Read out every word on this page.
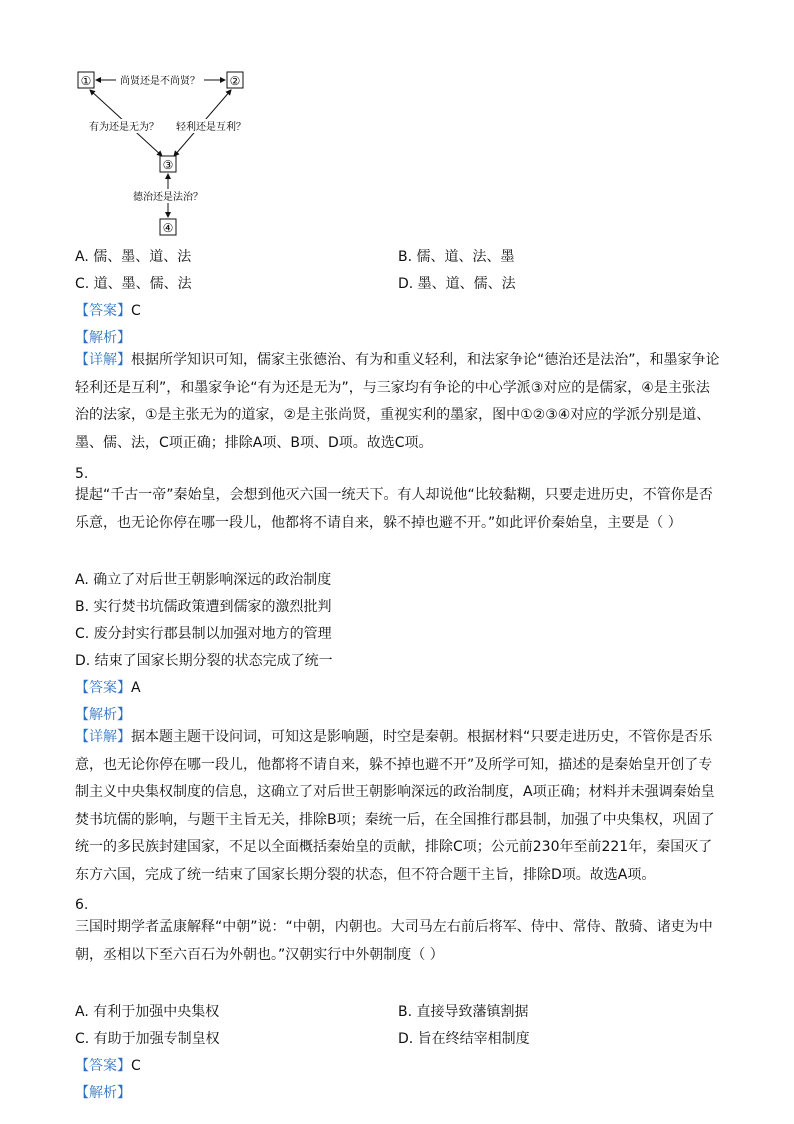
①	②
③
④
尚贤还是不尚贤？
有为还是无为？ 轻利还是互利？
德治还是法治？
A. 儒、墨、道、法	B. 儒、道、法、墨
C. 道、墨、儒、法	D. 墨、道、儒、法
【答案】C
【解析】
【详解】根据所学知识可知，儒家主张德治、有为和重义轻利，和法家争论“德治还是法治”，和墨家争论轻利还是互利”，和墨家争论“有为还是无为”，与三家均有争论的中心学派③对应的是儒家，④是主张法治的法家，①是主张无为的道家，②是主张尚贤，重视实利的墨家，图中①②③④对应的学派分别是道、墨、儒、法，C项正确；排除A项、B项、D项。故选C项。
5.
提起“千古一帝”秦始皇，会想到他灭六国一统天下。有人却说他“比较黏糊，只要走进历史，不管你是否乐意，也无论你停在哪一段儿，他都将不请自来，躲不掉也避不开。”如此评价秦始皇，主要是（ ）
A. 确立了对后世王朝影响深远的政治制度
B. 实行焚书坑儒政策遭到儒家的激烈批判
C. 废分封实行郡县制以加强对地方的管理
D. 结束了国家长期分裂的状态完成了统一
【答案】A
【解析】
【详解】据本题主题干设问词，可知这是影响题，时空是秦朝。根据材料“只要走进历史，不管你是否乐意，也无论你停在哪一段儿，他都将不请自来，躲不掉也避不开”及所学可知，描述的是秦始皇开创了专制主义中央集权制度的信息，这确立了对后世王朝影响深远的政治制度，A项正确；材料并未强调秦始皇焚书坑儒的影响，与题干主旨无关，排除B项；秦统一后，在全国推行郡县制，加强了中央集权，巩固了统一的多民族封建国家，不足以全面概括秦始皇的贡献，排除C项；公元前230年至前221年，秦国灭了东方六国，完成了统一结束了国家长期分裂的状态，但不符合题干主旨，排除D项。故选A项。
6.
三国时期学者孟康解释“中朝”说：“中朝，内朝也。大司马左右前后将军、侍中、常侍、散骑、诸吏为中朝，丞相以下至六百石为外朝也。”汉朝实行中外朝制度（ ）
A. 有利于加强中央集权	B. 直接导致藩镇割据
C. 有助于加强专制皇权	D. 旨在终结宰相制度
【答案】C
【解析】
